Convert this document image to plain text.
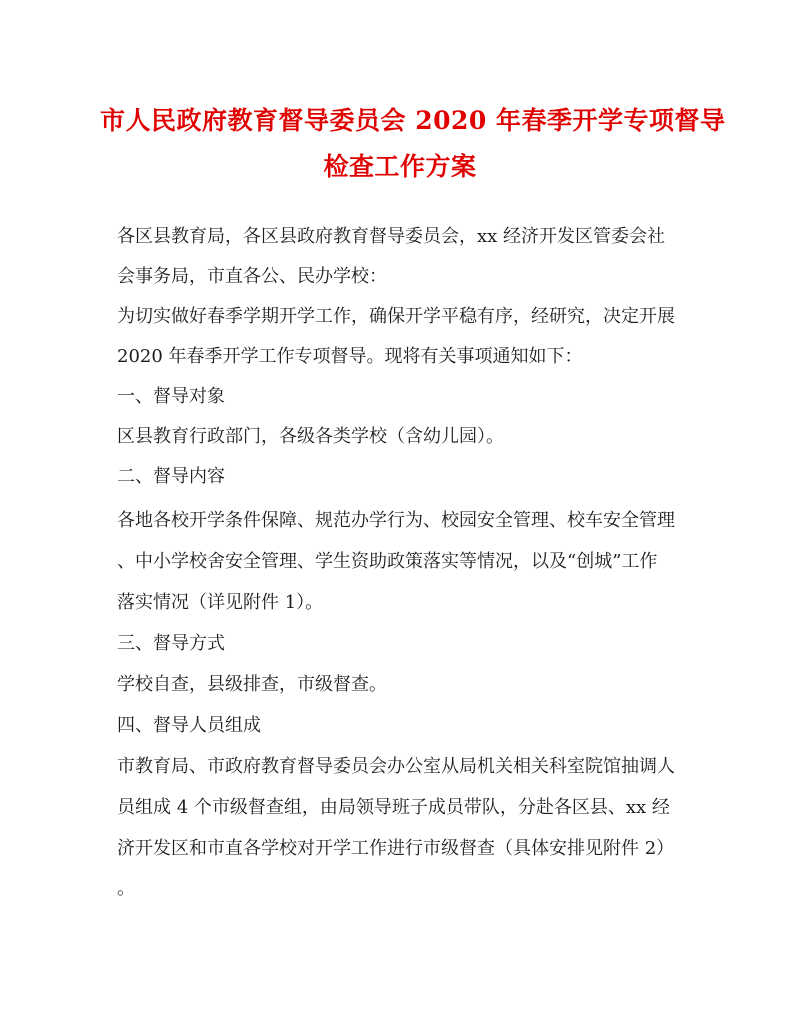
市人民政府教育督导委员会 2020 年春季开学专项督导
检查工作方案
各区县教育局，各区县政府教育督导委员会，xx 经济开发区管委会社
会事务局，市直各公、民办学校：
为切实做好春季学期开学工作，确保开学平稳有序，经研究，决定开展
2020 年春季开学工作专项督导。现将有关事项通知如下：
一、督导对象
区县教育行政部门，各级各类学校（含幼儿园）。
二、督导内容
各地各校开学条件保障、规范办学行为、校园安全管理、校车安全管理
、中小学校舍安全管理、学生资助政策落实等情况，以及“创城”工作
落实情况（详见附件 1）。
三、督导方式
学校自查，县级排查，市级督查。
四、督导人员组成
市教育局、市政府教育督导委员会办公室从局机关相关科室院馆抽调人
员组成 4 个市级督查组，由局领导班子成员带队，分赴各区县、xx 经
济开发区和市直各学校对开学工作进行市级督查（具体安排见附件 2）
。
